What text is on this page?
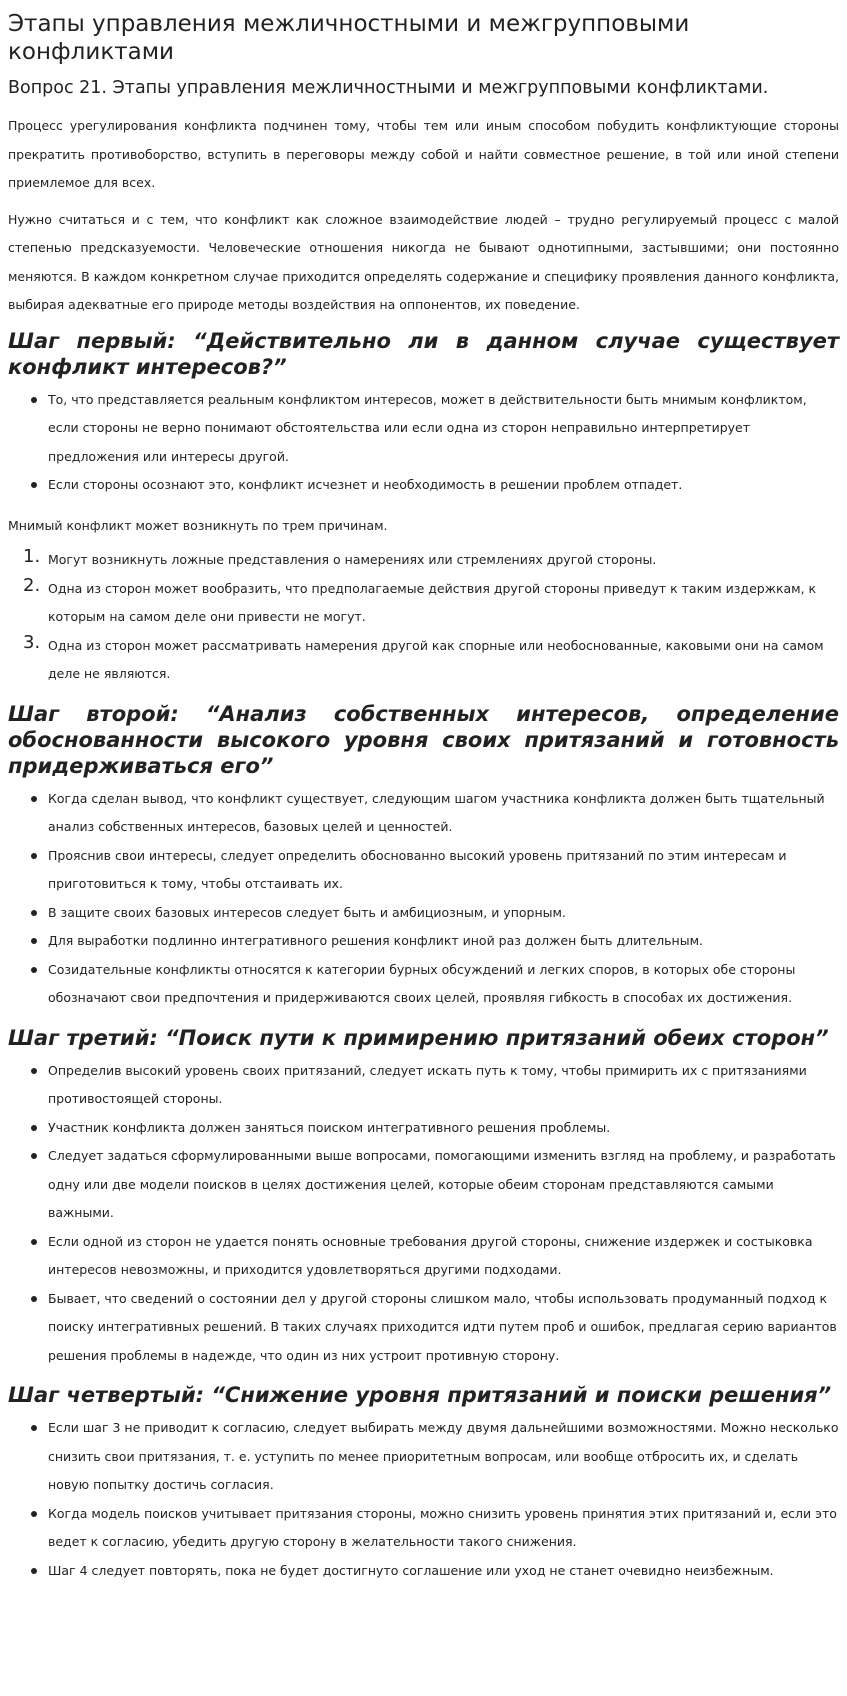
Этапы управления межличностными и межгрупповыми конфликтами
Вопрос 21. Этапы управления межличностными и межгрупповыми конфликтами.

Процесс урегулирования конфликта подчинен тому, чтобы тем или иным способом побудить конфликтующие стороны прекратить противоборство, вступить в переговоры между собой и найти совместное решение, в той или иной степени приемлемое для всех.

Нужно считаться и с тем, что конфликт как сложное взаимодействие людей – трудно регулируемый процесс с малой степенью предсказуемости. Человеческие отношения никогда не бывают однотипными, застывшими; они постоянно меняются. В каждом конкретном случае приходится определять содержание и специфику проявления данного конфликта, выбирая адекватные его природе методы воздействия на оппонентов, их поведение.

Шаг первый: “Действительно ли в данном случае существует конфликт интересов?”
То, что представляется реальным конфликтом интересов, может в действительности быть мнимым конфликтом, если стороны не верно понимают обстоятельства или если одна из сторон неправильно интерпретирует предложения или интересы другой.
Если стороны осознают это, конфликт исчезнет и необходимость в решении проблем отпадет.

Мнимый конфликт может возникнуть по трем причинам.

1. Могут возникнуть ложные представления о намерениях или стремлениях другой стороны.
2. Одна из сторон может вообразить, что предполагаемые действия другой стороны приведут к таким издержкам, к которым на самом деле они привести не могут.
3. Одна из сторон может рассматривать намерения другой как спорные или необоснованные, каковыми они на самом деле не являются.
Шаг второй: “Анализ собственных интересов, определение обоснованности высокого уровня своих притязаний и готовность придерживаться его”
Когда сделан вывод, что конфликт существует, следующим шагом участника конфликта должен быть тщательный анализ собственных интересов, базовых целей и ценностей.
Прояснив свои интересы, следует определить обоснованно высокий уровень притязаний по этим интересам и приготовиться к тому, чтобы отстаивать их.
В защите своих базовых интересов следует быть и амбициозным, и упорным.
Для выработки подлинно интегративного решения конфликт иной раз должен быть длительным.
Созидательные конфликты относятся к категории бурных обсуждений и легких споров, в которых обе стороны обозначают свои предпочтения и придерживаются своих целей, проявляя гибкость в способах их достижения.
Шаг третий: “Поиск пути к примирению притязаний обеих сторон”
Определив высокий уровень своих притязаний, следует искать путь к тому, чтобы примирить их с притязаниями противостоящей стороны.
Участник конфликта должен заняться поиском интегративного решения проблемы.
Следует задаться сформулированными выше вопросами, помогающими изменить взгляд на проблему, и разработать одну или две модели поисков в целях достижения целей, которые обеим сторонам представляются самыми важными.
Если одной из сторон не удается понять основные требования другой стороны, снижение издержек и состыковка интересов невозможны, и приходится удовлетворяться другими подходами.
Бывает, что сведений о состоянии дел у другой стороны слишком мало, чтобы использовать продуманный подход к поиску интегративных решений. В таких случаях приходится идти путем проб и ошибок, предлагая серию вариантов решения проблемы в надежде, что один из них устроит противную сторону.
Шаг четвертый: “Снижение уровня притязаний и поиски решения”
Если шаг 3 не приводит к согласию, следует выбирать между двумя дальнейшими возможностями. Можно несколько снизить свои притязания, т. е. уступить по менее приоритетным вопросам, или вообще отбросить их, и сделать новую попытку достичь согласия.
Когда модель поисков учитывает притязания стороны, можно снизить уровень принятия этих притязаний и, если это ведет к согласию, убедить другую сторону в желательности такого снижения.
Шаг 4 следует повторять, пока не будет достигнуто соглашение или уход не станет очевидно неизбежным.
